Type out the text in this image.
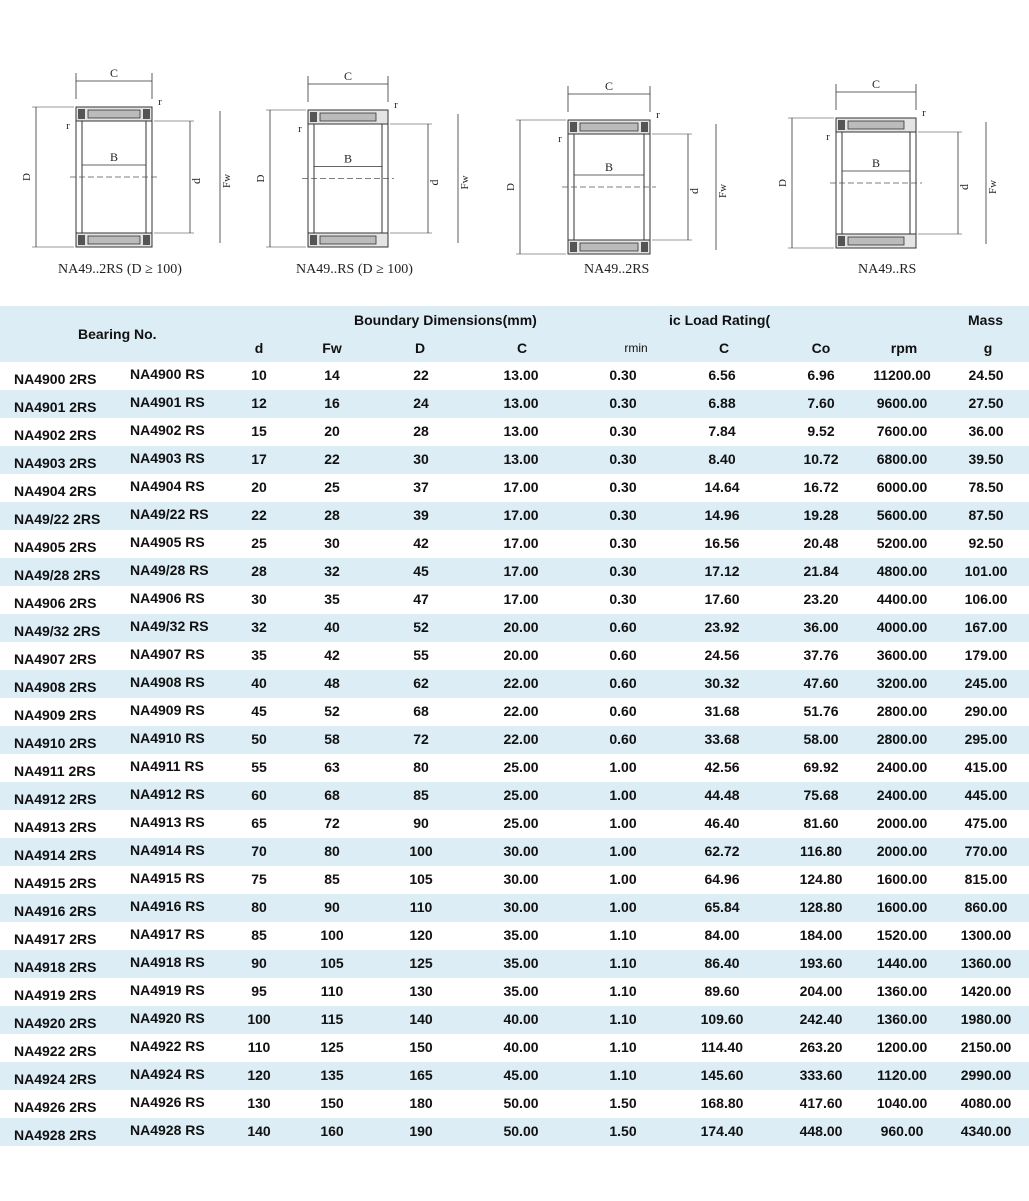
B
C
r
r
D
d Fw
NA49..2RS (D ≥ 100)
B
C
r
r
D
d Fw
NA49..RS (D ≥ 100)
B
C
r
r
D
d Fw
NA49..2RS
B
C
r
r
D
d Fw
NA49..RS
Bearing No.
Boundary Dimensions(mm)	ic Load Rating(	Mass
d	Fw	D	C	rmin	C	Co	rpm	g
NA4900 2RS NA4900 RS	10	14	22	13.00	0.30	6.56	6.96	11200.00	24.50
NA4901 2RS NA4901 RS	12	16	24	13.00	0.30	6.88	7.60	9600.00	27.50
NA4902 2RS NA4902 RS	15	20	28	13.00	0.30	7.84	9.52	7600.00	36.00
NA4903 2RS NA4903 RS	17	22	30	13.00	0.30	8.40	10.72	6800.00	39.50
NA4904 2RS NA4904 RS	20	25	37	17.00	0.30	14.64	16.72	6000.00	78.50
NA49/22 2RS NA49/22 RS	22	28	39	17.00	0.30	14.96	19.28	5600.00	87.50
NA4905 2RS NA4905 RS	25	30	42	17.00	0.30	16.56	20.48	5200.00	92.50
NA49/28 2RS NA49/28 RS	28	32	45	17.00	0.30	17.12	21.84	4800.00	101.00
NA4906 2RS NA4906 RS	30	35	47	17.00	0.30	17.60	23.20	4400.00	106.00
NA49/32 2RS NA49/32 RS	32	40	52	20.00	0.60	23.92	36.00	4000.00	167.00
NA4907 2RS NA4907 RS	35	42	55	20.00	0.60	24.56	37.76	3600.00	179.00
NA4908 2RS NA4908 RS	40	48	62	22.00	0.60	30.32	47.60	3200.00	245.00
NA4909 2RS NA4909 RS	45	52	68	22.00	0.60	31.68	51.76	2800.00	290.00
NA4910 2RS NA4910 RS	50	58	72	22.00	0.60	33.68	58.00	2800.00	295.00
NA4911 2RS NA4911 RS	55	63	80	25.00	1.00	42.56	69.92	2400.00	415.00
NA4912 2RS NA4912 RS	60	68	85	25.00	1.00	44.48	75.68	2400.00	445.00
NA4913 2RS NA4913 RS	65	72	90	25.00	1.00	46.40	81.60	2000.00	475.00
NA4914 2RS NA4914 RS	70	80	100	30.00	1.00	62.72	116.80 2000.00	770.00
NA4915 2RS NA4915 RS	75	85	105	30.00	1.00	64.96	124.80 1600.00	815.00
NA4916 2RS NA4916 RS	80	90	110	30.00	1.00	65.84	128.80 1600.00	860.00
NA4917 2RS NA4917 RS	85	100	120	35.00	1.10	84.00	184.00 1520.00 1300.00
NA4918 2RS NA4918 RS	90	105	125	35.00	1.10	86.40	193.60 1440.00 1360.00
NA4919 2RS NA4919 RS	95	110	130	35.00	1.10	89.60	204.00 1360.00 1420.00
NA4920 2RS NA4920 RS	100	115	140	40.00	1.10	109.60	242.40 1360.00 1980.00
NA4922 2RS NA4922 RS	110	125	150	40.00	1.10	114.40	263.20 1200.00 2150.00
NA4924 2RS NA4924 RS	120	135	165	45.00	1.10	145.60	333.60 1120.00 2990.00
NA4926 2RS NA4926 RS	130	150	180	50.00	1.50	168.80	417.60 1040.00 4080.00
NA4928 2RS NA4928 RS	140	160	190	50.00	1.50	174.40	448.00	960.00	4340.00
